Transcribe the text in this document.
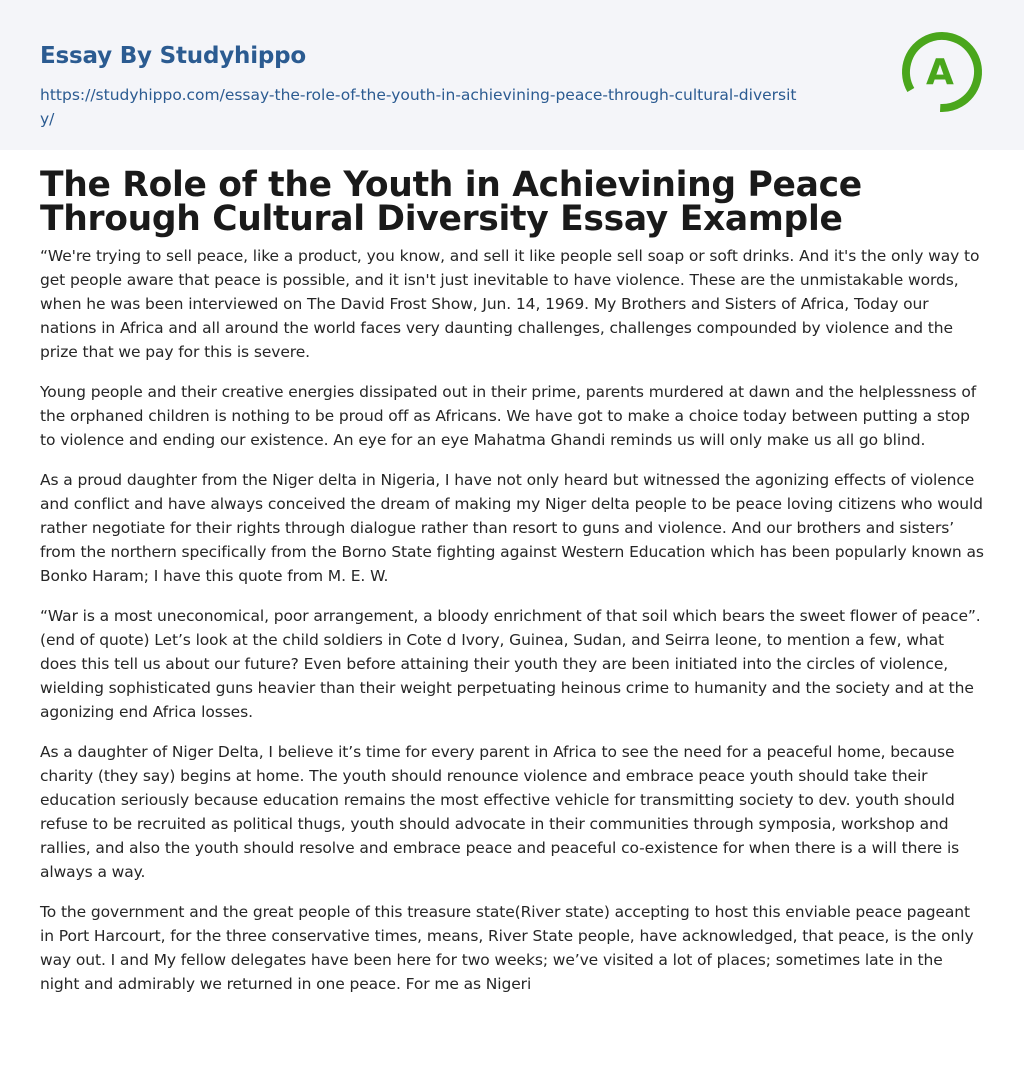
Essay By Studyhippo
https://studyhippo.com/essay-the-role-of-the-youth-in-achievining-peace-through-cultural-diversity/
A
The Role of the Youth in Achievining Peace Through Cultural Diversity Essay Example

“We're trying to sell peace, like a product, you know, and sell it like people sell soap or soft drinks. And it's the only way to get people aware that peace is possible, and it isn't just inevitable to have violence. These are the unmistakable words, when he was been interviewed on The David Frost Show, Jun. 14, 1969. My Brothers and Sisters of Africa, Today our nations in Africa and all around the world faces very daunting challenges, challenges compounded by violence and the prize that we pay for this is severe.

Young people and their creative energies dissipated out in their prime, parents murdered at dawn and the helplessness of the orphaned children is nothing to be proud off as Africans. We have got to make a choice today between putting a stop to violence and ending our existence. An eye for an eye Mahatma Ghandi reminds us will only make us all go blind.

As a proud daughter from the Niger delta in Nigeria, I have not only heard but witnessed the agonizing effects of violence and conflict and have always conceived the dream of making my Niger delta people to be peace loving citizens who would rather negotiate for their rights through dialogue rather than resort to guns and violence. And our brothers and sisters’ from the northern specifically from the Borno State fighting against Western Education which has been popularly known as Bonko Haram; I have this quote from M. E. W.

“War is a most uneconomical, poor arrangement, a bloody enrichment of that soil which bears the sweet flower of peace”. (end of quote) Let’s look at the child soldiers in Cote d Ivory, Guinea, Sudan, and Seirra leone, to mention a few, what does this tell us about our future? Even before attaining their youth they are been initiated into the circles of violence, wielding sophisticated guns heavier than their weight perpetuating heinous crime to humanity and the society and at the agonizing end Africa losses.

As a daughter of Niger Delta, I believe it’s time for every parent in Africa to see the need for a peaceful home, because charity (they say) begins at home. The youth should renounce violence and embrace peace youth should take their education seriously because education remains the most effective vehicle for transmitting society to dev. youth should refuse to be recruited as political thugs, youth should advocate in their communities through symposia, workshop and rallies, and also the youth should resolve and embrace peace and peaceful co-existence for when there is a will there is always a way.

To the government and the great people of this treasure state(River state) accepting to host this enviable peace pageant in Port Harcourt, for the three conservative times, means, River State people, have acknowledged, that peace, is the only way out. I and My fellow delegates have been here for two weeks; we’ve visited a lot of places; sometimes late in the night and admirably we returned in one peace. For me as Nigeri
